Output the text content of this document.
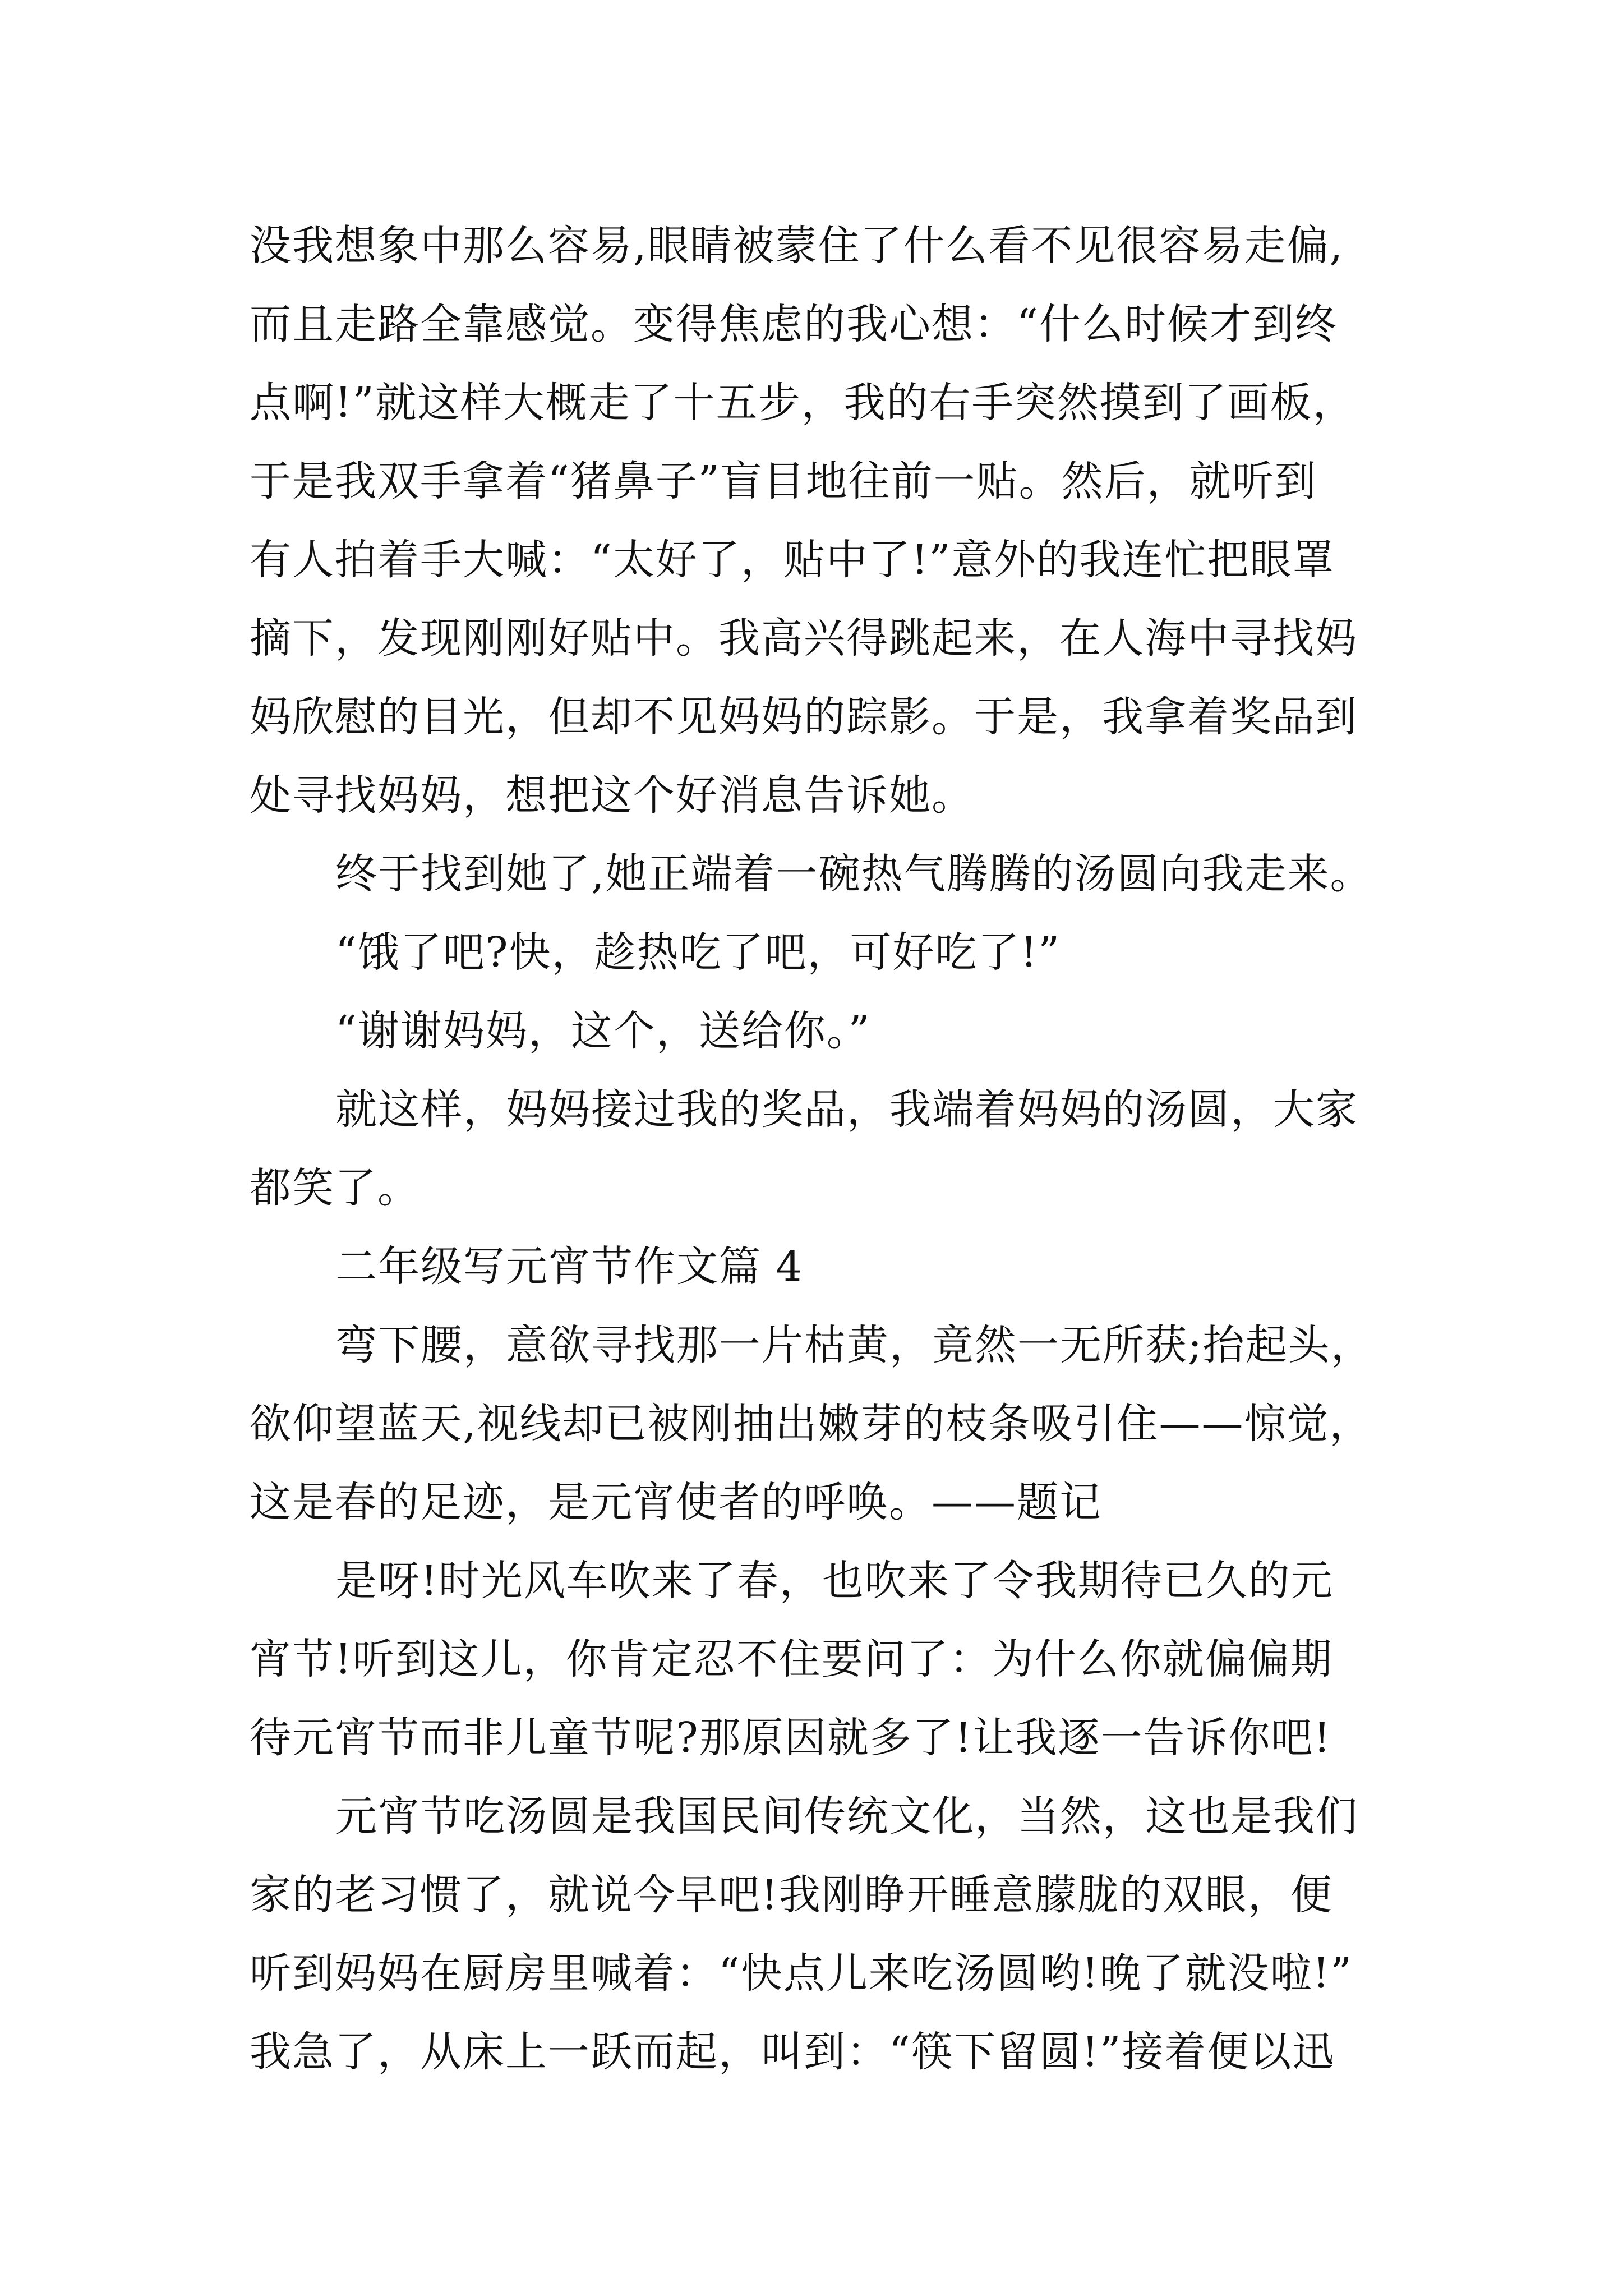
没我想象中那么容易,眼睛被蒙住了什么看不见很容易走偏,
而且走路全靠感觉。变得焦虑的我心想：“什么时候才到终
点啊!”就这样大概走了十五步，我的右手突然摸到了画板，
于是我双手拿着“猪鼻子”盲目地往前一贴。然后，就听到
有人拍着手大喊：“太好了，贴中了!”意外的我连忙把眼罩
摘下，发现刚刚好贴中。我高兴得跳起来，在人海中寻找妈
妈欣慰的目光，但却不见妈妈的踪影。于是，我拿着奖品到
处寻找妈妈，想把这个好消息告诉她。
终于找到她了,她正端着一碗热气腾腾的汤圆向我走来。
“饿了吧?快，趁热吃了吧，可好吃了!”
“谢谢妈妈，这个，送给你。”
就这样，妈妈接过我的奖品，我端着妈妈的汤圆，大家
都笑了。
二年级写元宵节作文篇 4
弯下腰，意欲寻找那一片枯黄，竟然一无所获;抬起头，
欲仰望蓝天,视线却已被刚抽出嫩芽的枝条吸引住——惊觉，
这是春的足迹，是元宵使者的呼唤。——题记
是呀!时光风车吹来了春，也吹来了令我期待已久的元
宵节!听到这儿，你肯定忍不住要问了：为什么你就偏偏期
待元宵节而非儿童节呢?那原因就多了!让我逐一告诉你吧!
元宵节吃汤圆是我国民间传统文化，当然，这也是我们
家的老习惯了，就说今早吧!我刚睁开睡意朦胧的双眼，便
听到妈妈在厨房里喊着：“快点儿来吃汤圆哟!晚了就没啦!”
我急了，从床上一跃而起，叫到：“筷下留圆!”接着便以迅
